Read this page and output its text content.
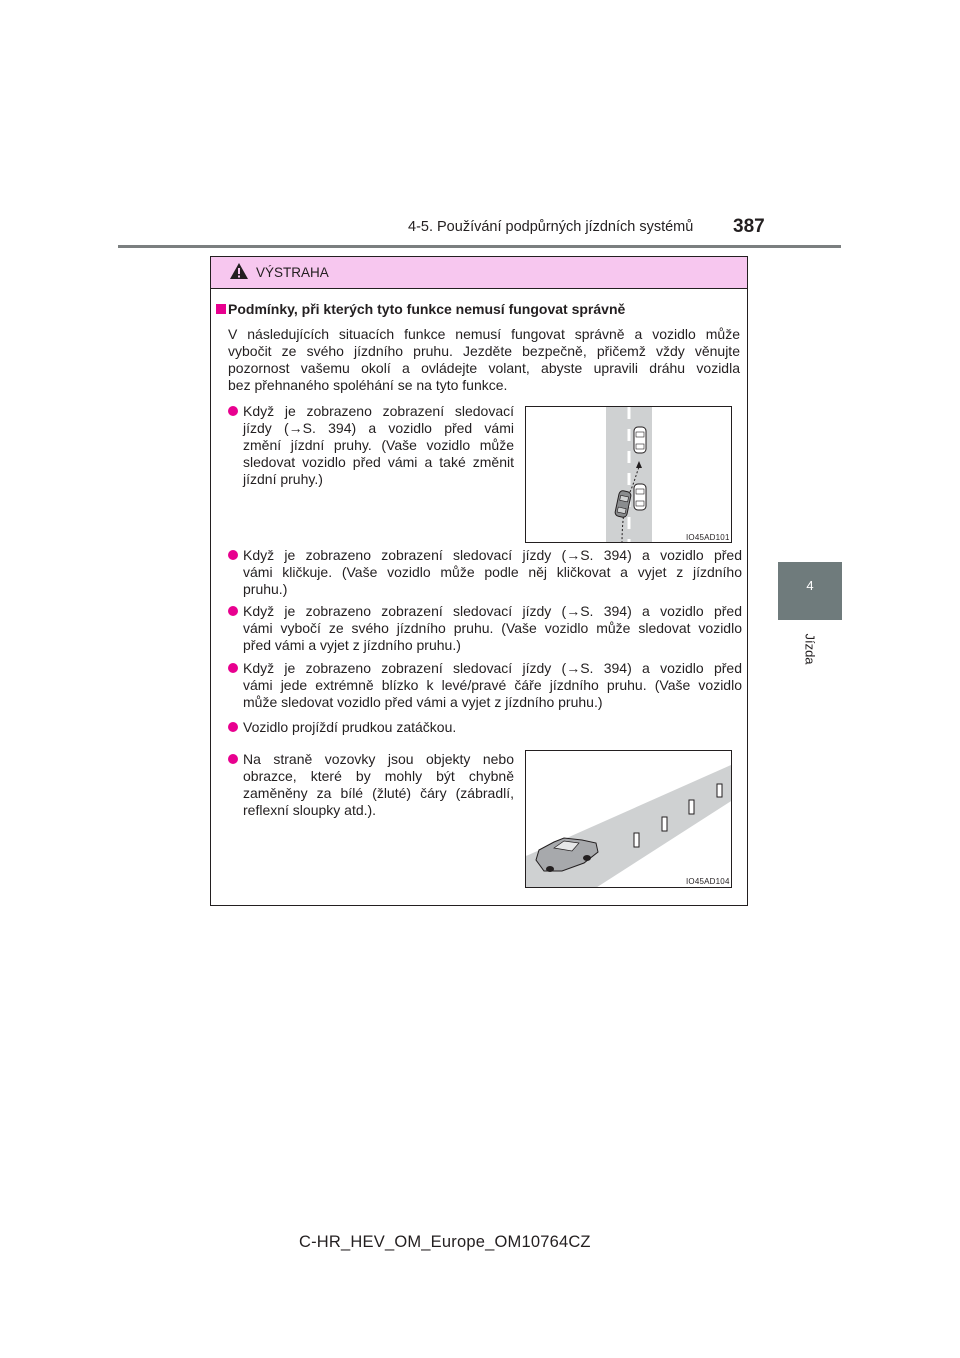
4-5. Používání podpůrných jízdních systémů 387
4
Jízda
VÝSTRAHA
Podmínky, při kterých tyto funkce nemusí fungovat správně
V následujících situacích funkce nemusí fungovat správně a vozidlo může
vybočit ze svého jízdního pruhu. Jezděte bezpečně, přičemž vždy věnujte
pozornost vašemu okolí a ovládejte volant, abyste upravili dráhu vozidla
bez přehnaného spoléhání se na tyto funkce.
Když je zobrazeno zobrazení sledovací
jízdy (→S. 394) a vozidlo před vámi
změní jízdní pruhy. (Vaše vozidlo může
sledovat vozidlo před vámi a také změnit
jízdní pruhy.)
IO45AD101
Když je zobrazeno zobrazení sledovací jízdy (→S. 394) a vozidlo před
vámi kličkuje. (Vaše vozidlo může podle něj kličkovat a vyjet z jízdního
pruhu.)
Když je zobrazeno zobrazení sledovací jízdy (→S. 394) a vozidlo před
vámi vybočí ze svého jízdního pruhu. (Vaše vozidlo může sledovat vozidlo
před vámi a vyjet z jízdního pruhu.)
Když je zobrazeno zobrazení sledovací jízdy (→S. 394) a vozidlo před
vámi jede extrémně blízko k levé/pravé čáře jízdního pruhu. (Vaše vozidlo
může sledovat vozidlo před vámi a vyjet z jízdního pruhu.)
Vozidlo projíždí prudkou zatáčkou.
Na straně vozovky jsou objekty nebo
obrazce, které by mohly být chybně
zaměněny za bílé (žluté) čáry (zábradlí,
reflexní sloupky atd.).
IO45AD104
C-HR_HEV_OM_Europe_OM10764CZ
